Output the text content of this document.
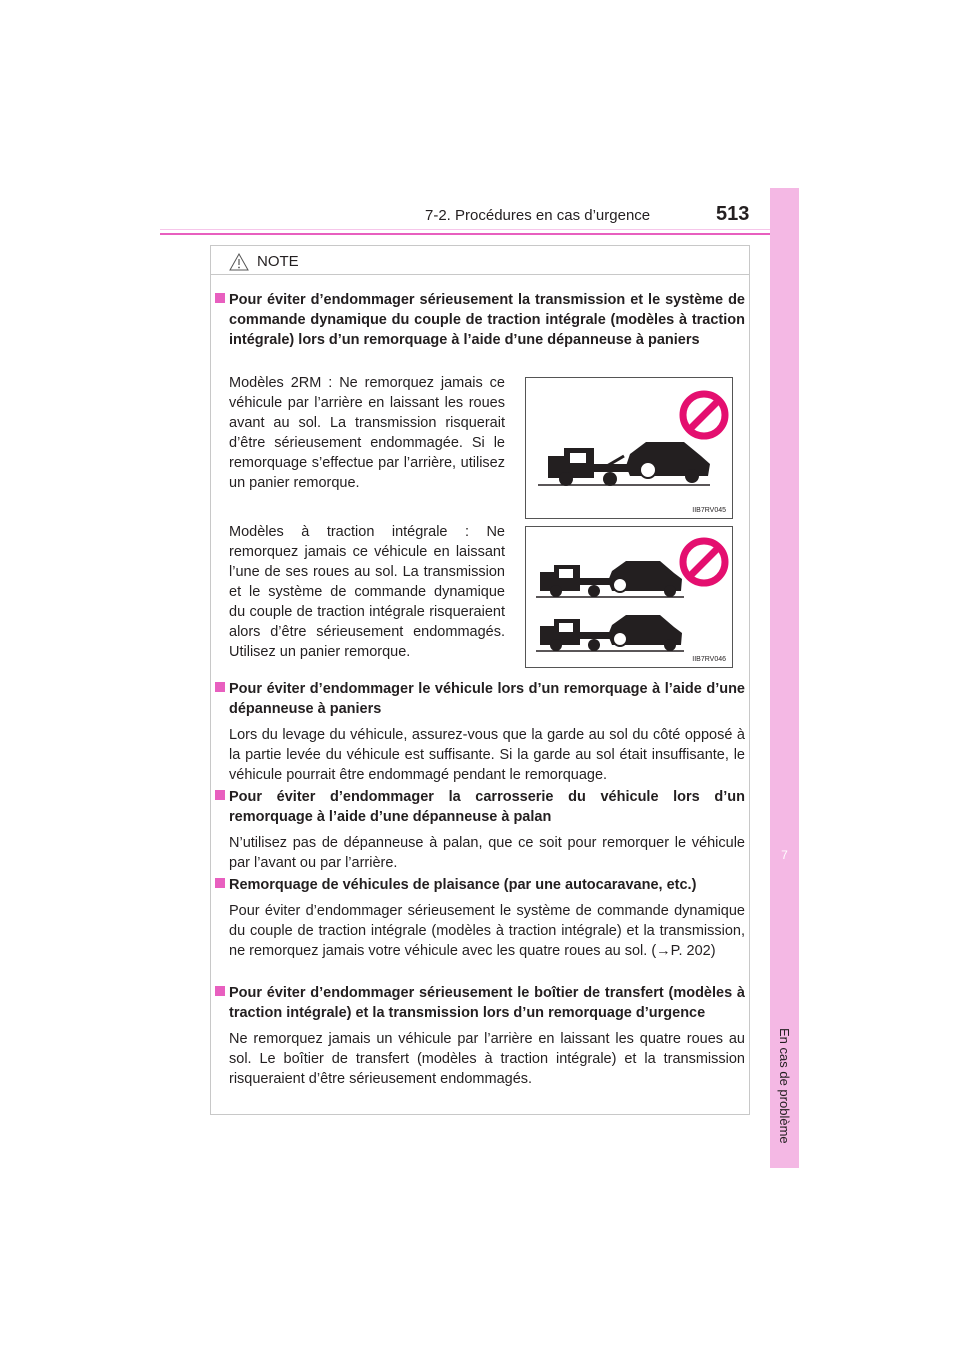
7-2. Procédures en cas d’urgence	513
7
En cas de problème
NOTE
Pour éviter d’endommager sérieusement la transmission et le système de commande dynamique du couple de traction intégrale (modèles à traction intégrale) lors d’un remorquage à l’aide d’une dépanneuse à paniers
Modèles 2RM : Ne remorquez jamais ce véhicule par l’arrière en laissant les roues avant au sol. La transmission risquerait d’être sérieusement endommagée. Si le remorquage s’effectue par l’arrière, utilisez un panier remorque.
IIB7RV045
Modèles à traction intégrale : Ne remorquez jamais ce véhicule en laissant l’une de ses roues au sol. La transmission et le système de commande dynamique du couple de traction intégrale risqueraient alors d’être sérieusement endommagés. Utilisez un panier remorque.	IIB7RV046
Pour éviter d’endommager le véhicule lors d’un remorquage à l’aide d’une dépanneuse à paniers
Lors du levage du véhicule, assurez-vous que la garde au sol du côté opposé à la partie levée du véhicule est suffisante. Si la garde au sol était insuffisante, le véhicule pourrait être endommagé pendant le remorquage.
Pour éviter d’endommager la carrosserie du véhicule lors d’un remorquage à l’aide d’une dépanneuse à palan
N’utilisez pas de dépanneuse à palan, que ce soit pour remorquer le véhicule par l’avant ou par l’arrière.
Remorquage de véhicules de plaisance (par une autocaravane, etc.)
Pour éviter d’endommager sérieusement le système de commande dynamique du couple de traction intégrale (modèles à traction intégrale) et la transmission, ne remorquez jamais votre véhicule avec les quatre roues au sol. (→P. 202)
Pour éviter d’endommager sérieusement le boîtier de transfert (modèles à traction intégrale) et la transmission lors d’un remorquage d’urgence
Ne remorquez jamais un véhicule par l’arrière en laissant les quatre roues au sol. Le boîtier de transfert (modèles à traction intégrale) et la transmission risqueraient d’être sérieusement endommagés.
